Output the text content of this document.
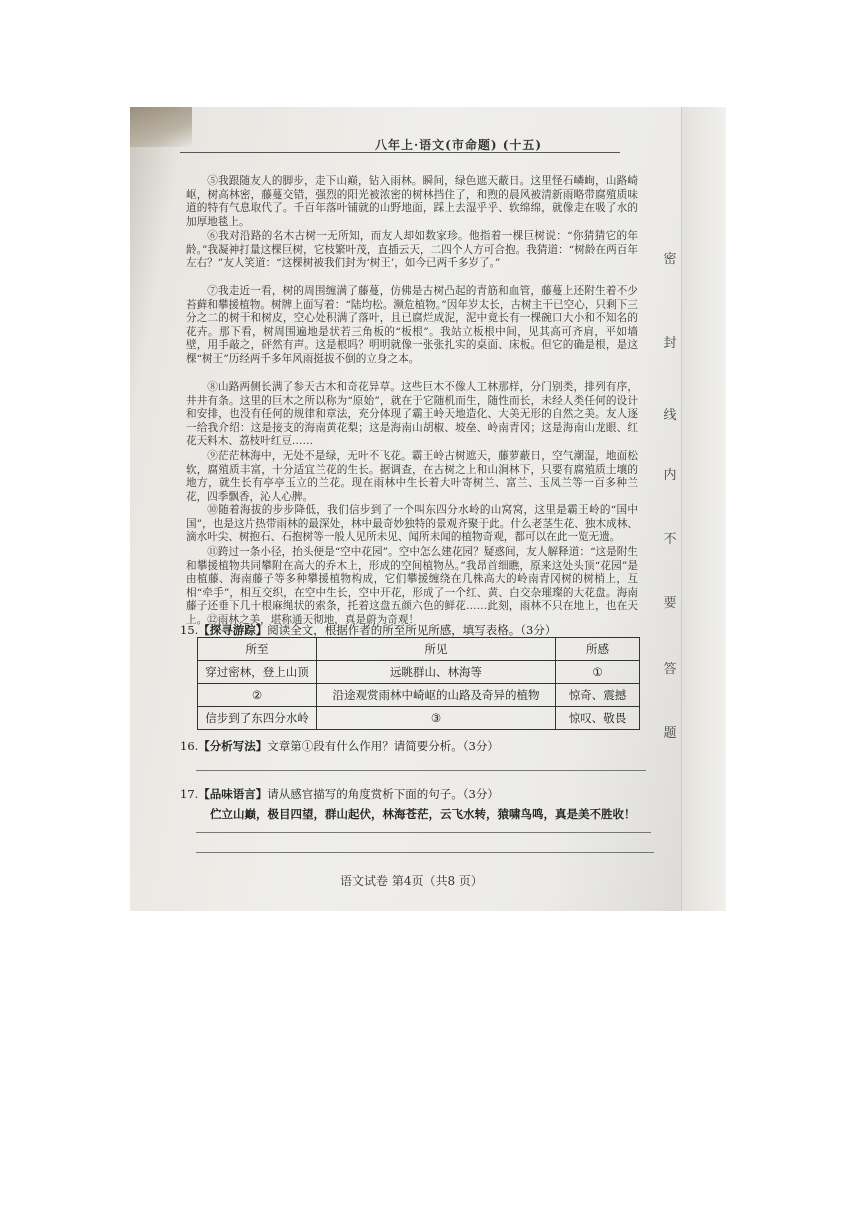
八年上·语文(市命题) (十五)
⑤我跟随友人的脚步，走下山巅，钻入雨林。瞬间，绿色遮天蔽日。这里怪石嶙峋，山路崎岖，树高林密，藤蔓交错，强烈的阳光被浓密的树林挡住了，和煦的晨风被清新雨略带腐殖质味道的特有气息取代了。千百年落叶铺就的山野地面，踩上去湿乎乎、软绵绵，就像走在吸了水的加厚地毯上。
⑥我对沿路的名木古树一无所知，而友人却如数家珍。他指着一棵巨树说：“你猜猜它的年龄。”我凝神打量这棵巨树，它枝繁叶茂，直插云天，二四个人方可合抱。我猜道：“树龄在两百年左右？”友人笑道：“这棵树被我们封为‘树王’，如今已两千多岁了。”
⑦我走近一看，树的周围缠满了藤蔓，仿佛是古树凸起的青筋和血管，藤蔓上还附生着不少苔藓和攀援植物。树牌上面写着：“陆均松。濒危植物。”因年岁太长，古树主干已空心，只剩下三分之二的树干和树皮，空心处积满了落叶，且已腐烂成泥，泥中竟长有一棵碗口大小和不知名的花卉。那下看，树周围遍地是状若三角板的“板根”。我站立板根中间，见其高可齐肩，平如墙壁，用手敲之，砰然有声。这是根吗？明明就像一张张扎实的桌面、床板。但它的确是根，是这棵“树王”历经两千多年风雨挺拔不倒的立身之本。
⑧山路两侧长满了参天古木和奇花异草。这些巨木不像人工林那样，分门别类，排列有序，井井有条。这里的巨木之所以称为“原始”，就在于它随机而生，随性而长，未经人类任何的设计和安排，也没有任何的规律和章法，充分体现了霸王岭天地造化、大美无形的自然之美。友人逐一给我介绍：这是接支的海南黄花梨；这是海南山胡椒、坡垒、岭南青冈；这是海南山龙眼、红花天料木、荔枝叶红豆……
⑨茫茫林海中，无处不是绿，无叶不飞花。霸王岭古树遮天，藤萝蔽日，空气潮湿，地面松软，腐殖质丰富，十分适宜兰花的生长。据调查，在古树之上和山涧林下，只要有腐殖质土壤的地方，就生长有亭亭玉立的兰花。现在雨林中生长着大叶寄树兰、富兰、玉凤兰等一百多种兰花，四季飘香，沁人心脾。
⑩随着海拔的步步降低，我们信步到了一个叫东四分水岭的山窝窝，这里是霸王岭的“国中国”，也是这片热带雨林的最深处，林中最奇妙独特的景观齐聚于此。什么老茎生花、独木成林、滴水叶尖、树抱石、石抱树等一般人见所未见、闻所未闻的植物奇观，都可以在此一览无遗。
⑪跨过一条小径，抬头便是“空中花园”。空中怎么建花园？疑惑间，友人解释道：“这是附生和攀援植物共同攀附在高大的乔木上，形成的空间植物丛。”我昂首细瞧，原来这处头顶“花园”是由植藤、海南藤子等多种攀援植物构成，它们攀援缠绕在几株高大的岭南青冈树的树梢上，互相“牵手”，相互交织，在空中生长，空中开花，形成了一个红、黄、白交杂璀璨的大花盘。海南藤子还垂下几十根麻绳状的索条，托着这盘五颜六色的鲜花……此刻，雨林不只在地上，也在天上。 ⑫雨林之美，堪称通天彻地，真是蔚为奇观！
密
封
线
内
不
要
答
题
15.【探寻游踪】阅读全文，根据作者的所至所见所感，填写表格。（3分）
所至	所见	所感
穿过密林，登上山顶	远眺群山、林海等	①
②	沿途观赏雨林中崎岖的山路及奇异的植物	惊奇、震撼
信步到了东四分水岭	③	惊叹、敬畏
16.【分析写法】文章第①段有什么作用？请简要分析。（3分）
17.【品味语言】请从感官描写的角度赏析下面的句子。（3分）
伫立山巅，极目四望，群山起伏，林海苍茫，云飞水转，猿啸鸟鸣，真是美不胜收！
语文试卷 第4页（共8 页）
